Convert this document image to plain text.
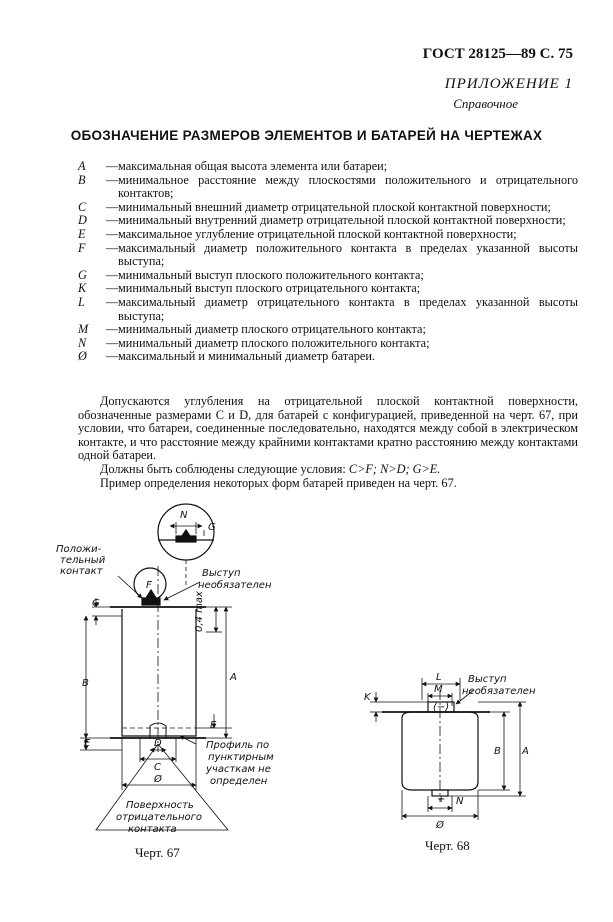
ГОСТ 28125—89 С. 75
ПРИЛОЖЕНИЕ 1
Справочное
ОБОЗНАЧЕНИЕ РАЗМЕРОВ ЭЛЕМЕНТОВ И БАТАРЕЙ НА ЧЕРТЕЖАХ
A	— максимальная общая высота элемента или батареи;
B	— минимальное расстояние между плоскостями положительного и отрицательного контактов;
C	— минимальный внешний диаметр отрицательной плоской контактной поверхности;
D	— минимальный внутренний диаметр отрицательной плоской контактной поверхности;
E	— максимальное углубление отрицательной плоской контактной поверхности;
F	— максимальный диаметр положительного контакта в пределах указанной высоты выступа;
G	— минимальный выступ плоского положительного контакта;
K	— минимальный выступ плоского отрицательного контакта;
L	— максимальный диаметр отрицательного контакта в пределах указанной высоты выступа;
M	— минимальный диаметр плоского отрицательного контакта;
N	— минимальный диаметр плоского положительного контакта;
Ø	— максимальный и минимальный диаметр батареи.

Допускаются углубления на отрицательной плоской контактной поверхности, обозначенные размерами C и D, для батарей с конфигурацией, приведенной на черт. 67, при условии, что батареи, соединенные последовательно, находятся между собой в электрическом контакте, и что расстояние между крайними контактами кратно расстоянию между контактами одной батареи.

Должны быть соблюдены следующие условия: C>F; N>D; G>E.

Пример определения некоторых форм батарей приведен на черт. 67.

N
G
F
Положи-
тельный
контакт	Выступ
необязателен
G
B
E
A
E
0,4 max
D
C
Ø
Профиль по
пунктирным
участкам не
определен
Поверхность
отрицательного
контакта
L
M
(−)
Выступ
необязателен
K
B A
+ N
Ø
Черт. 67	Черт. 68
